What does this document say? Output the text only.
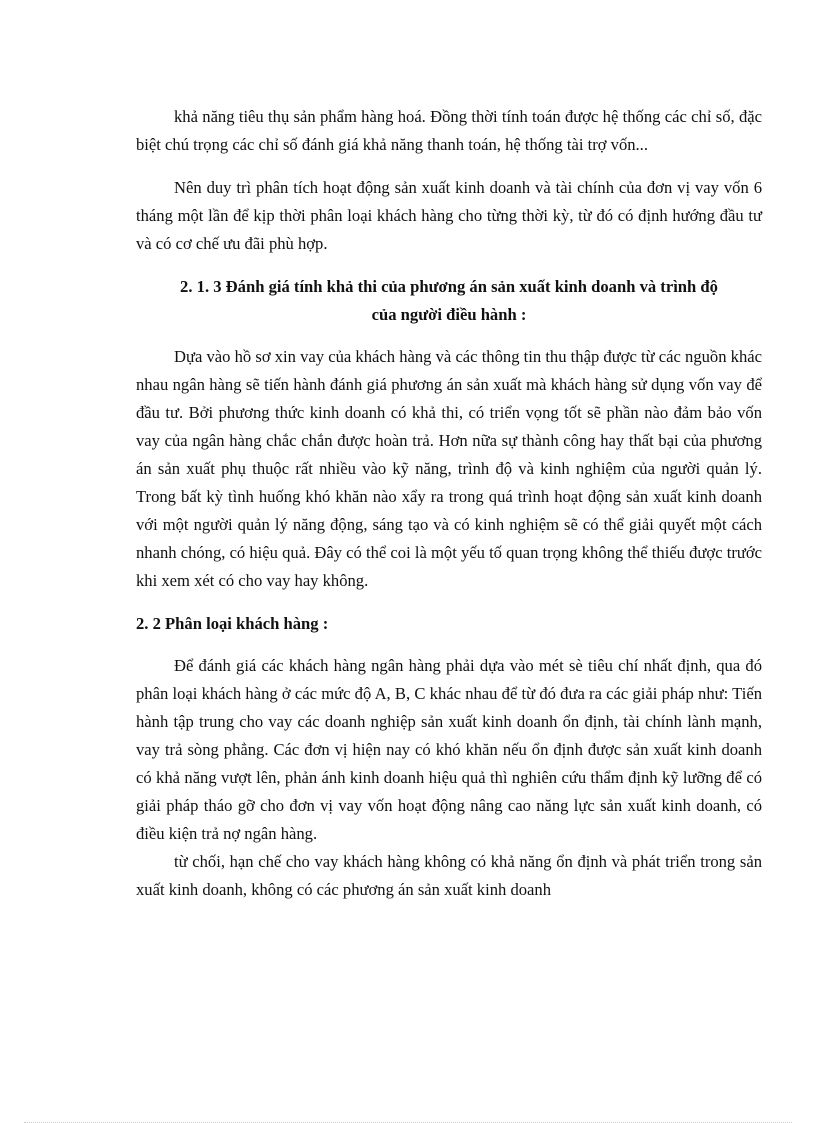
khả năng tiêu thụ sản phẩm hàng hoá. Đồng thời tính toán được hệ thống các chỉ số, đặc biệt chú trọng các chỉ số đánh giá khả năng thanh toán, hệ thống tài trợ vốn...

Nên duy trì phân tích hoạt động sản xuất kinh doanh và tài chính của đơn vị vay vốn 6 tháng một lần để kịp thời phân loại khách hàng cho từng thời kỳ, từ đó có định hướng đầu tư và có cơ chế ưu đãi phù hợp.

2. 1. 3 Đánh giá tính khả thi của phương án sản xuất kinh doanh và trình độ

của người điều hành :

Dựa vào hồ sơ xin vay của khách hàng và các thông tin thu thập được từ các nguồn khác nhau ngân hàng sẽ tiến hành đánh giá phương án sản xuất mà khách hàng sử dụng vốn vay để đầu tư. Bởi phương thức kinh doanh có khả thi, có triển vọng tốt sẽ phần nào đảm bảo vốn vay của ngân hàng chắc chắn được hoàn trả. Hơn nữa sự thành công hay thất bại của phương án sản xuất phụ thuộc rất nhiều vào kỹ năng, trình độ và kinh nghiệm của người quản lý. Trong bất kỳ tình huống khó khăn nào xẩy ra trong quá trình hoạt động sản xuất kinh doanh với một người quản lý năng động, sáng tạo và có kinh nghiệm sẽ có thể giải quyết một cách nhanh chóng, có hiệu quả. Đây có thể coi là một yếu tố quan trọng không thể thiếu được trước khi xem xét có cho vay hay không.

2. 2 Phân loại khách hàng :

Để đánh giá các khách hàng ngân hàng phải dựa vào mét sè tiêu chí nhất định, qua đó phân loại khách hàng ở các mức độ A, B, C khác nhau để từ đó đưa ra các giải pháp như: Tiến hành tập trung cho vay các doanh nghiệp sản xuất kinh doanh ổn định, tài chính lành mạnh, vay trả sòng phẳng. Các đơn vị hiện nay có khó khăn nếu ổn định được sản xuất kinh doanh có khả năng vượt lên, phản ánh kinh doanh hiệu quả thì nghiên cứu thẩm định kỹ lưỡng để có giải pháp tháo gỡ cho đơn vị vay vốn hoạt động nâng cao năng lực sản xuất kinh doanh, có điều kiện trả nợ ngân hàng.

từ chối, hạn chế cho vay khách hàng không có khả năng ổn định và phát triển trong sản xuất kinh doanh, không có các phương án sản xuất kinh doanh
